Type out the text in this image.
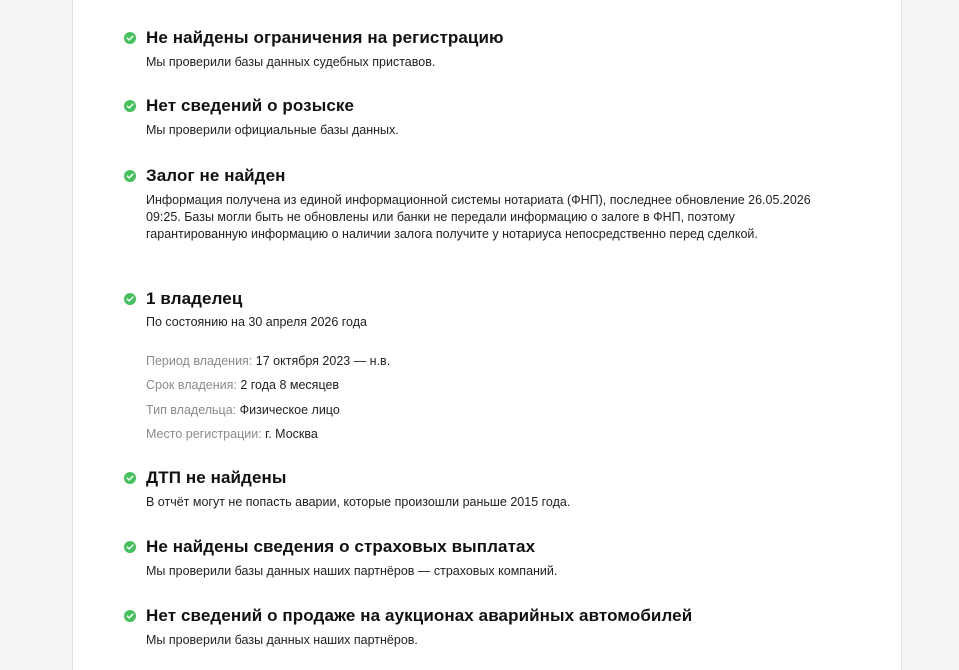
Не найдены ограничения на регистрацию
Мы проверили базы данных судебных приставов.
Нет сведений о розыске
Мы проверили официальные базы данных.
Залог не найден
Информация получена из единой информационной системы нотариата (ФНП), последнее обновление 26.05.2026 09:25. Базы могли быть не обновлены или банки не передали информацию о залоге в ФНП, поэтому гарантированную информацию о наличии залога получите у нотариуса непосредственно перед сделкой.
1 владелец
По состоянию на 30 апреля 2026 года
Период владения: 17 октября 2023 — н.в.
Срок владения: 2 года 8 месяцев
Тип владельца: Физическое лицо
Место регистрации: г. Москва
ДТП не найдены
В отчёт могут не попасть аварии, которые произошли раньше 2015 года.
Не найдены сведения о страховых выплатах
Мы проверили базы данных наших партнёров — страховых компаний.
Нет сведений о продаже на аукционах аварийных автомобилей
Мы проверили базы данных наших партнёров.
